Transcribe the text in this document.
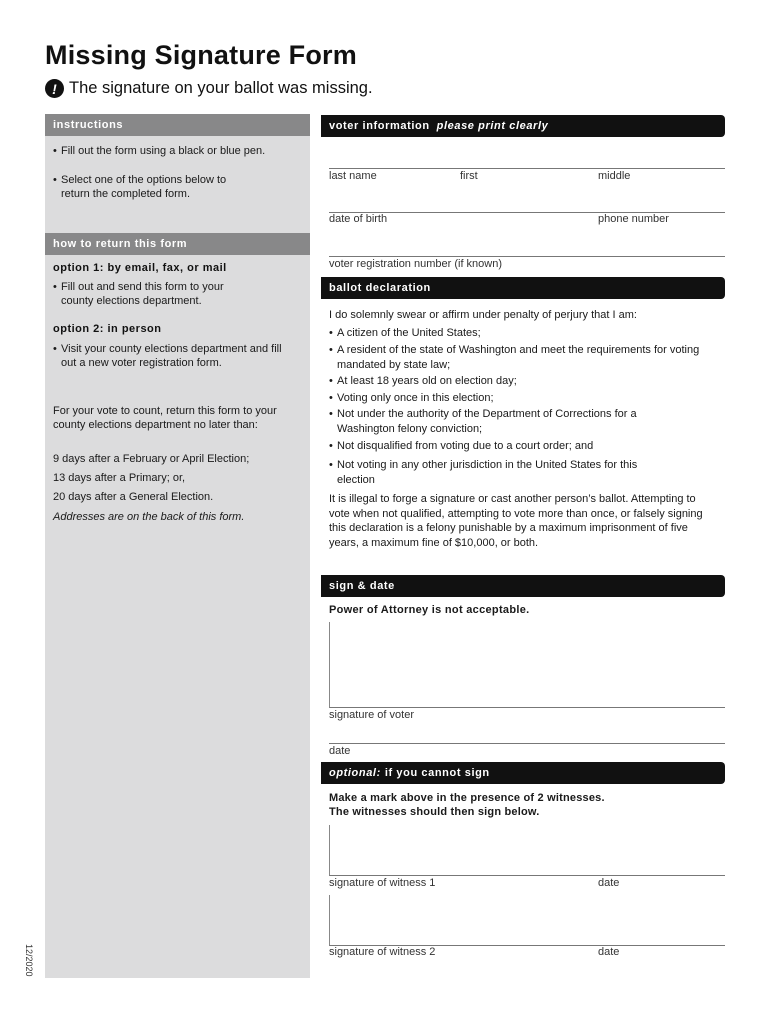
Missing Signature Form
! The signature on your ballot was missing.
instructions
• Fill out the form using a black or blue pen.
• Select one of the options below to return the completed form.
how to return this form
option 1: by email, fax, or mail
• Fill out and send this form to your county elections department.
option 2: in person
• Visit your county elections department and fill out a new voter registration form.
For your vote to count, return this form to your county elections department no later than:
9 days after a February or April Election;
13 days after a Primary; or,
20 days after a General Election.
Addresses are on the back of this form.
12/2020
voter information please print clearly
last name	first	middle
date of birth	phone number
voter registration number (if known)
ballot declaration
I do solemnly swear or affirm under penalty of perjury that I am:
• A citizen of the United States;
• A resident of the state of Washington and meet the requirements for voting mandated by state law;
• At least 18 years old on election day;
• Voting only once in this election;
• Not under the authority of the Department of Corrections for a Washington felony conviction;
• Not disqualified from voting due to a court order; and
• Not voting in any other jurisdiction in the United States for this election
It is illegal to forge a signature or cast another person’s ballot. Attempting to vote when not qualified, attempting to vote more than once, or falsely signing this declaration is a felony punishable by a maximum imprisonment of five years, a maximum fine of $10,000, or both.
sign & date
Power of Attorney is not acceptable.
signature of voter
date
optional: if you cannot sign
Make a mark above in the presence of 2 witnesses.
The witnesses should then sign below.
signature of witness 1	date
signature of witness 2	date
